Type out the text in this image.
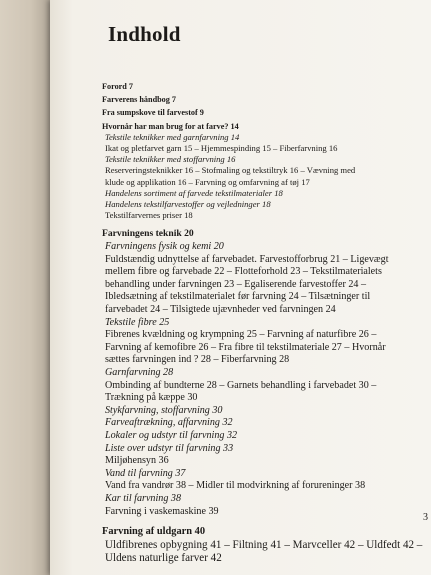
Indhold
Forord 7
Farverens håndbog 7
Fra sumpskove til farvestof 9
Hvornår har man brug for at farve? 14
Tekstile teknikker med garnfarvning 14
Ikat og pletfarvet garn 15 – Hjemmespinding 15 – Fiberfarvning 16
Tekstile teknikker med stoffarvning 16
Reserveringsteknikker 16 – Stofmaling og tekstiltryk 16 – Vævning med
klude og applikation 16 – Farvning og omfarvning af tøj 17
Handelens sortiment af farvede tekstilmaterialer 18
Handelens tekstilfarvestoffer og vejledninger 18
Tekstilfarvernes priser 18
Farvningens teknik 20
Farvningens fysik og kemi 20
Fuldstændig udnyttelse af farvebadet. Farvestofforbrug 21 – Ligevægt
mellem fibre og farvebade 22 – Flotteforhold 23 – Tekstilmaterialets
behandling under farvningen 23 – Egaliserende farvestoffer 24 –
Ibledsætning af tekstilmaterialet før farvning 24 – Tilsætninger til
farvebadet 24 – Tilsigtede ujævnheder ved farvningen 24
Tekstile fibre 25
Fibrenes kvældning og krympning 25 – Farvning af naturfibre 26 –
Farvning af kemofibre 26 – Fra fibre til tekstilmateriale 27 – Hvornår
sættes farvningen ind ? 28 – Fiberfarvning 28
Garnfarvning 28
Ombinding af bundterne 28 – Garnets behandling i farvebadet 30 –
Trækning på kæppe 30
Stykfarvning, stoffarvning 30
Farveaftrækning, affarvning 32
Lokaler og udstyr til farvning 32
Liste over udstyr til farvning 33
Miljøhensyn 36
Vand til farvning 37
Vand fra vandrør 38 – Midler til modvirkning af forureninger 38
Kar til farvning 38
Farvning i vaskemaskine 39
Farvning af uldgarn 40
Uldfibrenes opbygning 41 – Filtning 41 – Marvceller 42 – Uldfedt 42 –
Uldens naturlige farver 42
3
